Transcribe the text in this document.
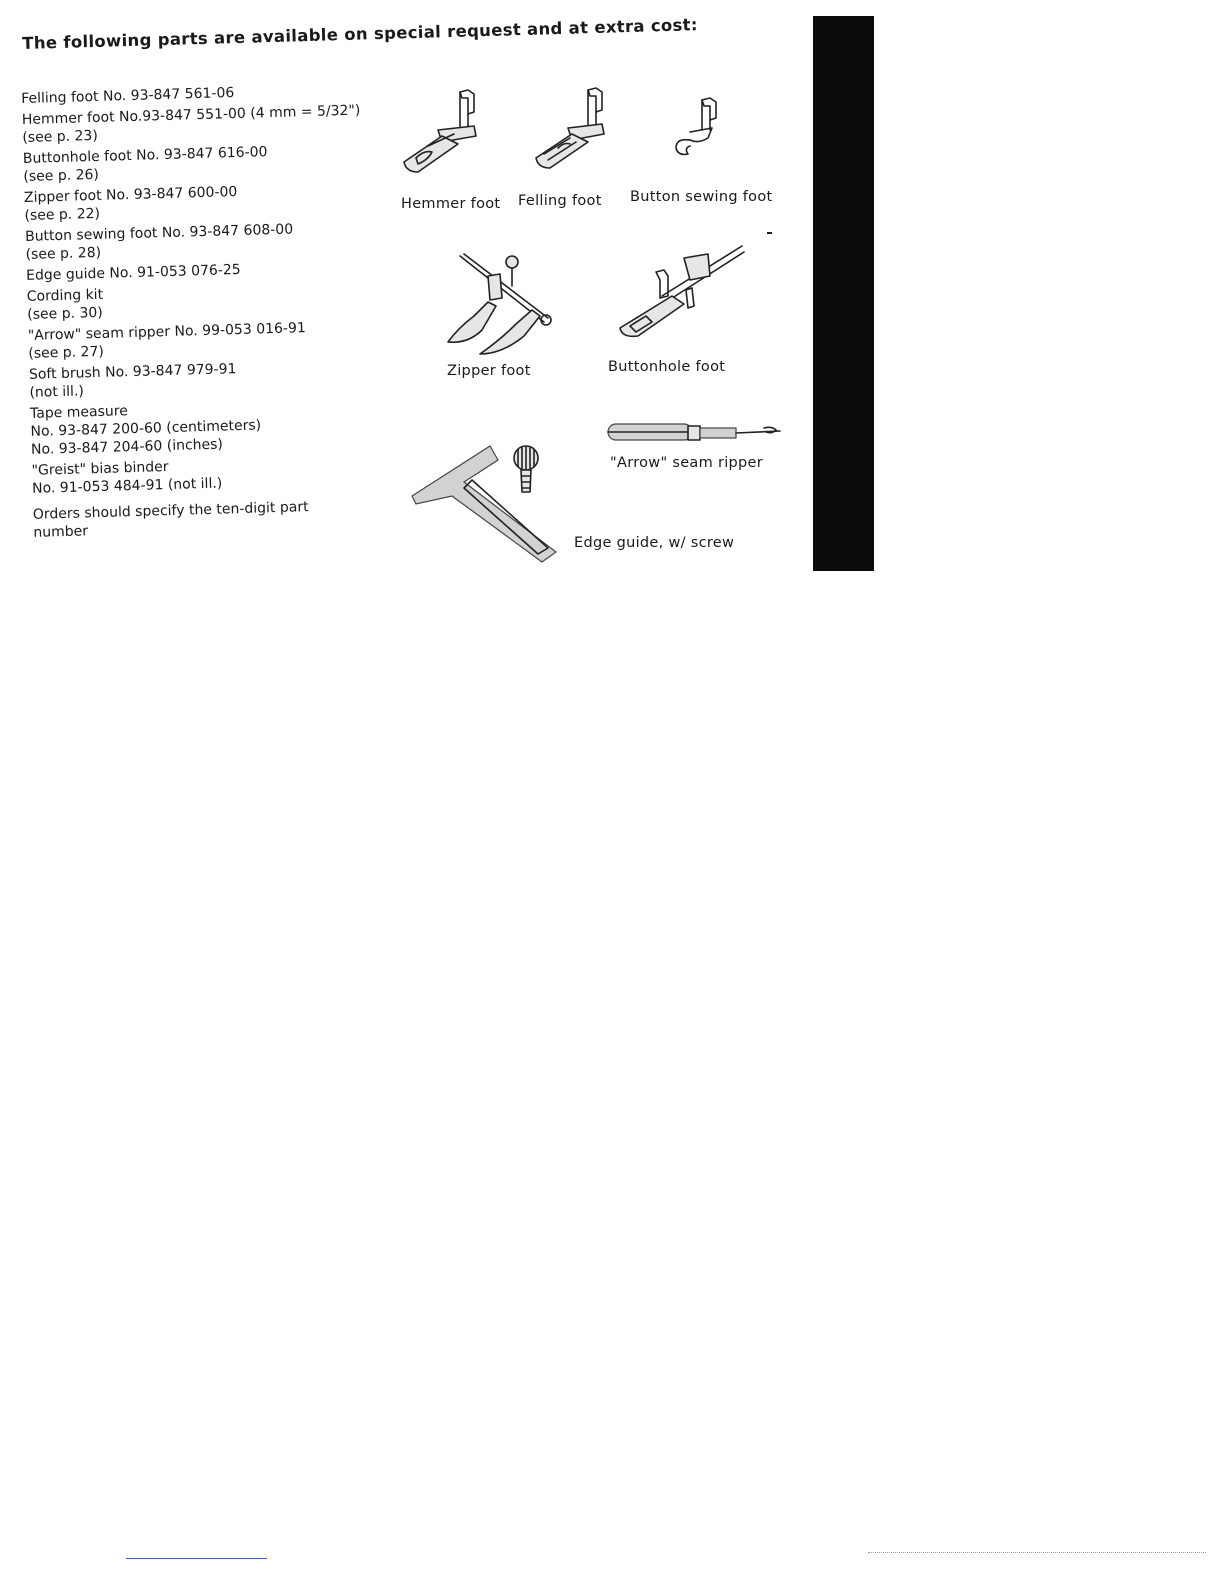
The following parts are available on special request and at extra cost:
Felling foot No. 93-847 561-06
Hemmer foot No.93-847 551-00 (4 mm = 5/32")
(see p. 23)
Buttonhole foot No. 93-847 616-00
(see p. 26)
Zipper foot No. 93-847 600-00
(see p. 22)
Button sewing foot No. 93-847 608-00
(see p. 28)
Edge guide No. 91-053 076-25
Cording kit
(see p. 30)
"Arrow" seam ripper No. 99-053 016-91
(see p. 27)
Soft brush No. 93-847 979-91
(not ill.)
Tape measure
No. 93-847 200-60 (centimeters)
No. 93-847 204-60 (inches)
"Greist" bias binder
No. 91-053 484-91 (not ill.)
Orders should specify the ten-digit part
number
Hemmer foot Felling foot Button sewing foot
Zipper foot	Buttonhole foot
Edge guide, w/ screw
"Arrow" seam ripper
